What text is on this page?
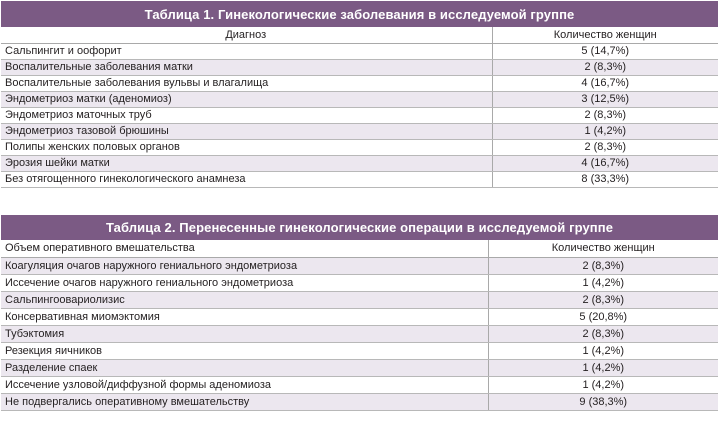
Таблица 1. Гинекологические заболевания в исследуемой группе	
Диагноз	Количество женщин
Сальпингит и оофорит	5 (14,7%)
Воспалительные заболевания матки	2 (8,3%)
Воспалительные заболевания вульвы и влагалища	4 (16,7%)
Эндометриоз матки (аденомиоз)	3 (12,5%)
Эндометриоз маточных труб	2 (8,3%)
Эндометриоз тазовой брюшины	1 (4,2%)
Полипы женских половых органов	2 (8,3%)
Эрозия шейки матки	4 (16,7%)
Без отягощенного гинекологического анамнеза	8 (33,3%)
Таблица 2. Перенесенные гинекологические операции в исследуемой группе	
Объем оперативного вмешательства	Количество женщин
Коагуляция очагов наружного гениального эндометриоза	2 (8,3%)
Иссечение очагов наружного гениального эндометриоза	1 (4,2%)
Сальпингоовариолизис	2 (8,3%)
Консервативная миомэктомия	5 (20,8%)
Тубэктомия	2 (8,3%)
Резекция яичников	1 (4,2%)
Разделение спаек	1 (4,2%)
Иссечение узловой/диффузной формы аденомиоза	1 (4,2%)
Не подвергались оперативному вмешательству	9 (38,3%)
